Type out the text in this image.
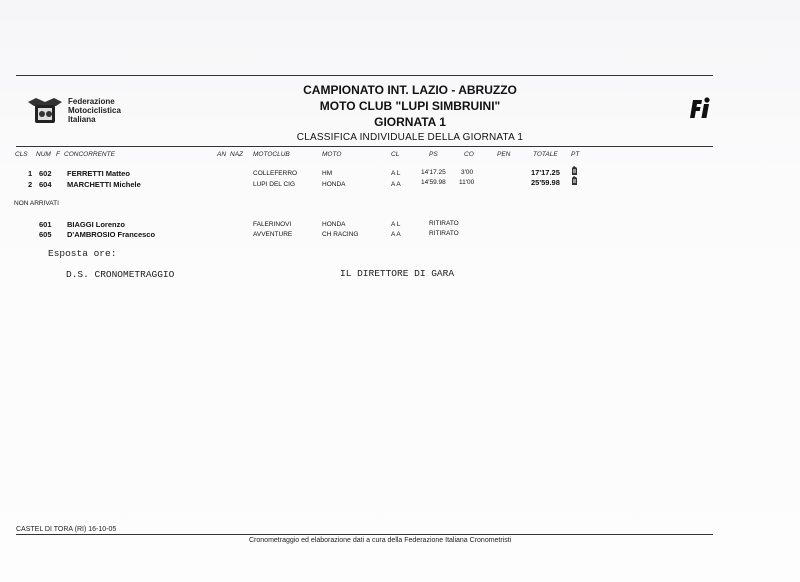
Federazione
Motociclistica
Italiana
CAMPIONATO INT. LAZIO - ABRUZZO
MOTO CLUB "LUPI SIMBRUINI"
GIORNATA 1
CLASSIFICA INDIVIDUALE DELLA GIORNATA 1
CLS NUM F CONCORRENTE	AN NAZ MOTOCLUB	MOTO	CL	PS	CO	PEN	TOTALE PT
1 602 FERRETTI Matteo	COLLEFERRO	HM	A L	14'17.25 3'00	17'17.25
2 604 MARCHETTI Michele	LUPI DEL CIG	HONDA	A A	14'59.98 11'00	25'59.98
NON ARRIVATI
601 BIAGGI Lorenzo	FALERINOVI	HONDA	A L	RITIRATO
605 D'AMBROSIO Francesco	AVVENTURE	CH RACING	A A	RITIRATO
Esposta ore:
D.S. CRONOMETRAGGIO	IL DIRETTORE DI GARA
CASTEL DI TORA (RI) 16-10-05
Cronometraggio ed elaborazione dati a cura della Federazione Italiana Cronometristi
